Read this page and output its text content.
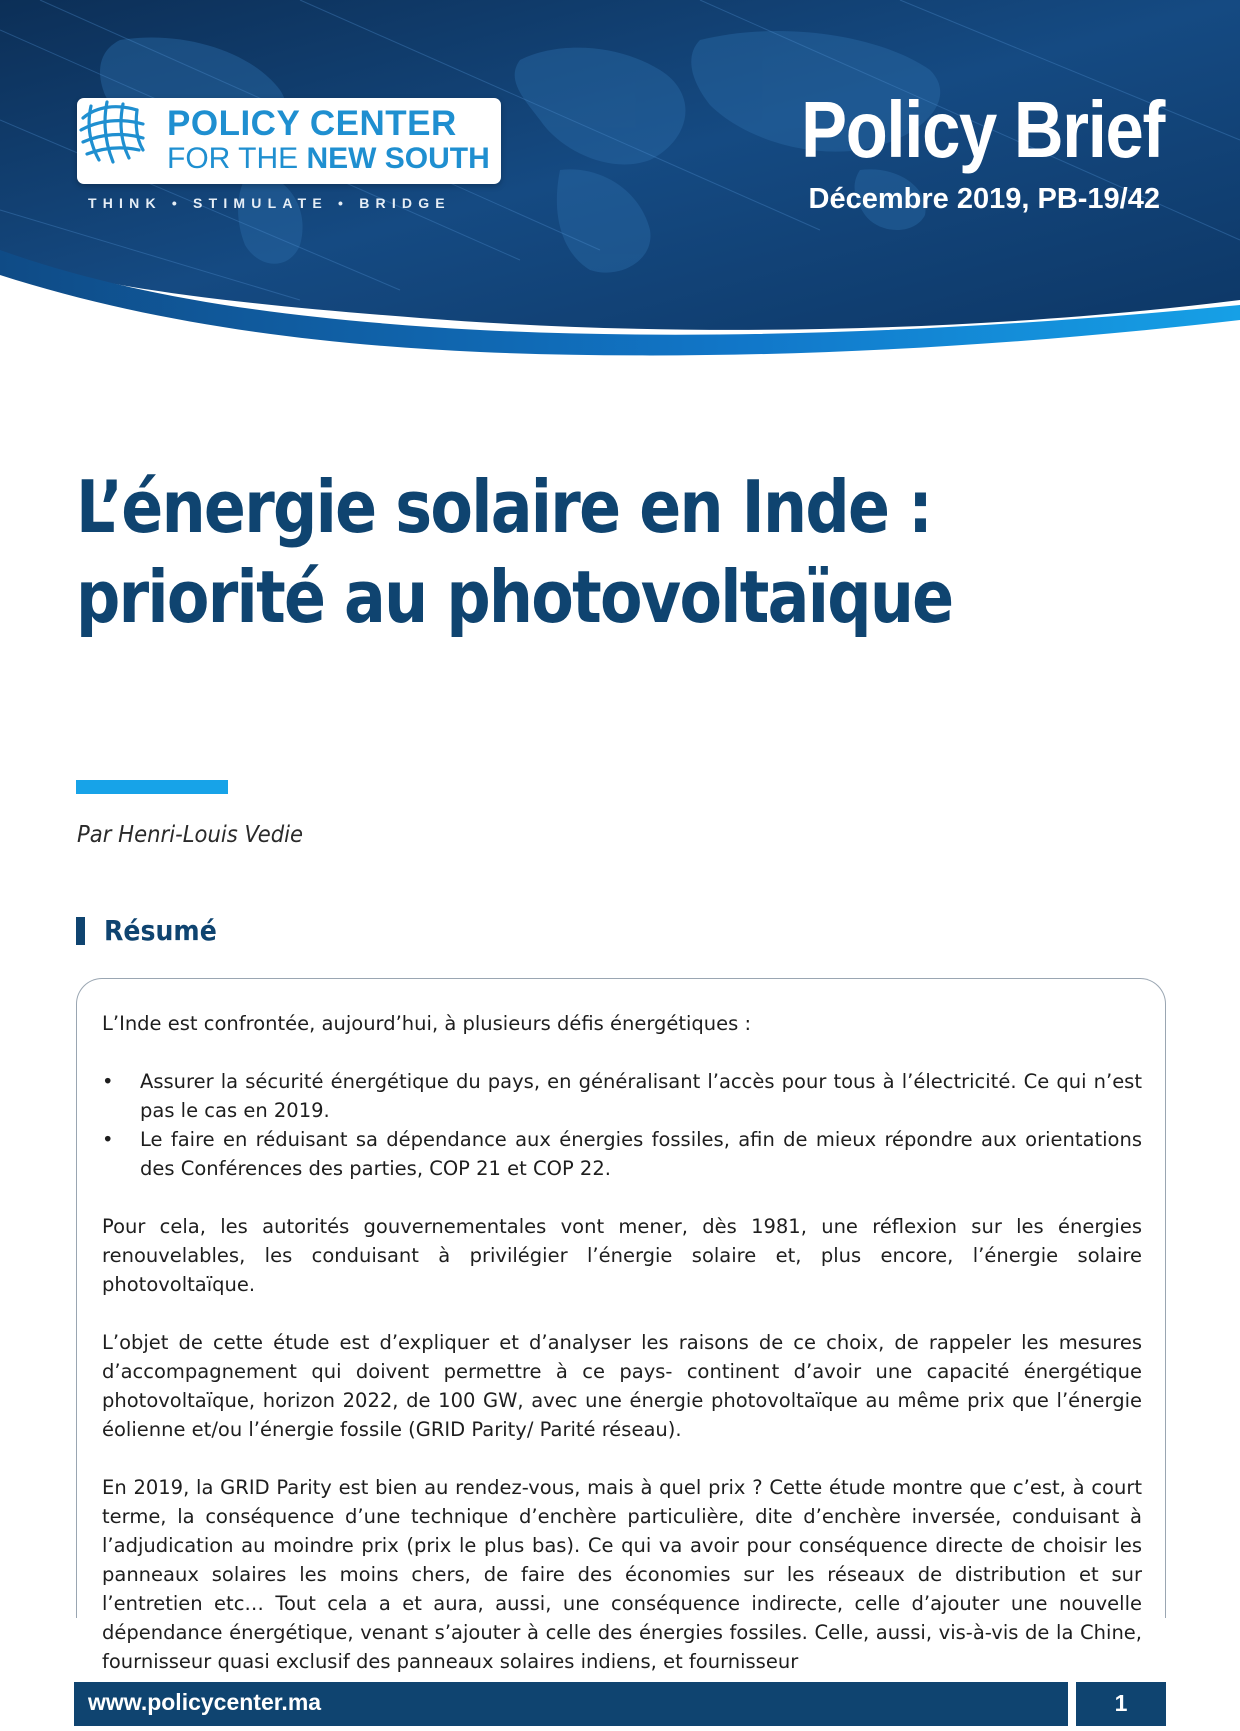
POLICY CENTER
FOR THE NEW SOUTH
THINK • STIMULATE • BRIDGE
Policy Brief
Décembre 2019, PB-19/42
L’énergie solaire en Inde :
priorité au photovoltaïque
Par Henri-Louis Vedie
Résumé

L’Inde est confrontée, aujourd’hui, à plusieurs défis énergétiques :

• Assurer la sécurité énergétique du pays, en généralisant l’accès pour tous à l’électricité. Ce qui n’est pas le cas en 2019.
• Le faire en réduisant sa dépendance aux énergies fossiles, afin de mieux répondre aux orientations des Conférences des parties, COP 21 et COP 22.

Pour cela, les autorités gouvernementales vont mener, dès 1981, une réflexion sur les énergies renouvelables, les conduisant à privilégier l’énergie solaire et, plus encore, l’énergie solaire photovoltaïque.

L’objet de cette étude est d’expliquer et d’analyser les raisons de ce choix, de rappeler les mesures d’accompagnement qui doivent permettre à ce pays- continent d’avoir une capacité énergétique photovoltaïque, horizon 2022, de 100 GW, avec une énergie photovoltaïque au même prix que l’énergie éolienne et/ou l’énergie fossile (GRID Parity/ Parité réseau).

En 2019, la GRID Parity est bien au rendez-vous, mais à quel prix ? Cette étude montre que c’est, à court terme, la conséquence d’une technique d’enchère particulière, dite d’enchère inversée, conduisant à l’adjudication au moindre prix (prix le plus bas). Ce qui va avoir pour conséquence directe de choisir les panneaux solaires les moins chers, de faire des économies sur les réseaux de distribution et sur l’entretien etc… Tout cela a et aura, aussi, une conséquence indirecte, celle d’ajouter une nouvelle dépendance énergétique, venant s’ajouter à celle des énergies fossiles. Celle, aussi, vis-à-vis de la Chine, fournisseur quasi exclusif des panneaux solaires indiens, et fournisseur

www.policycenter.ma	1
